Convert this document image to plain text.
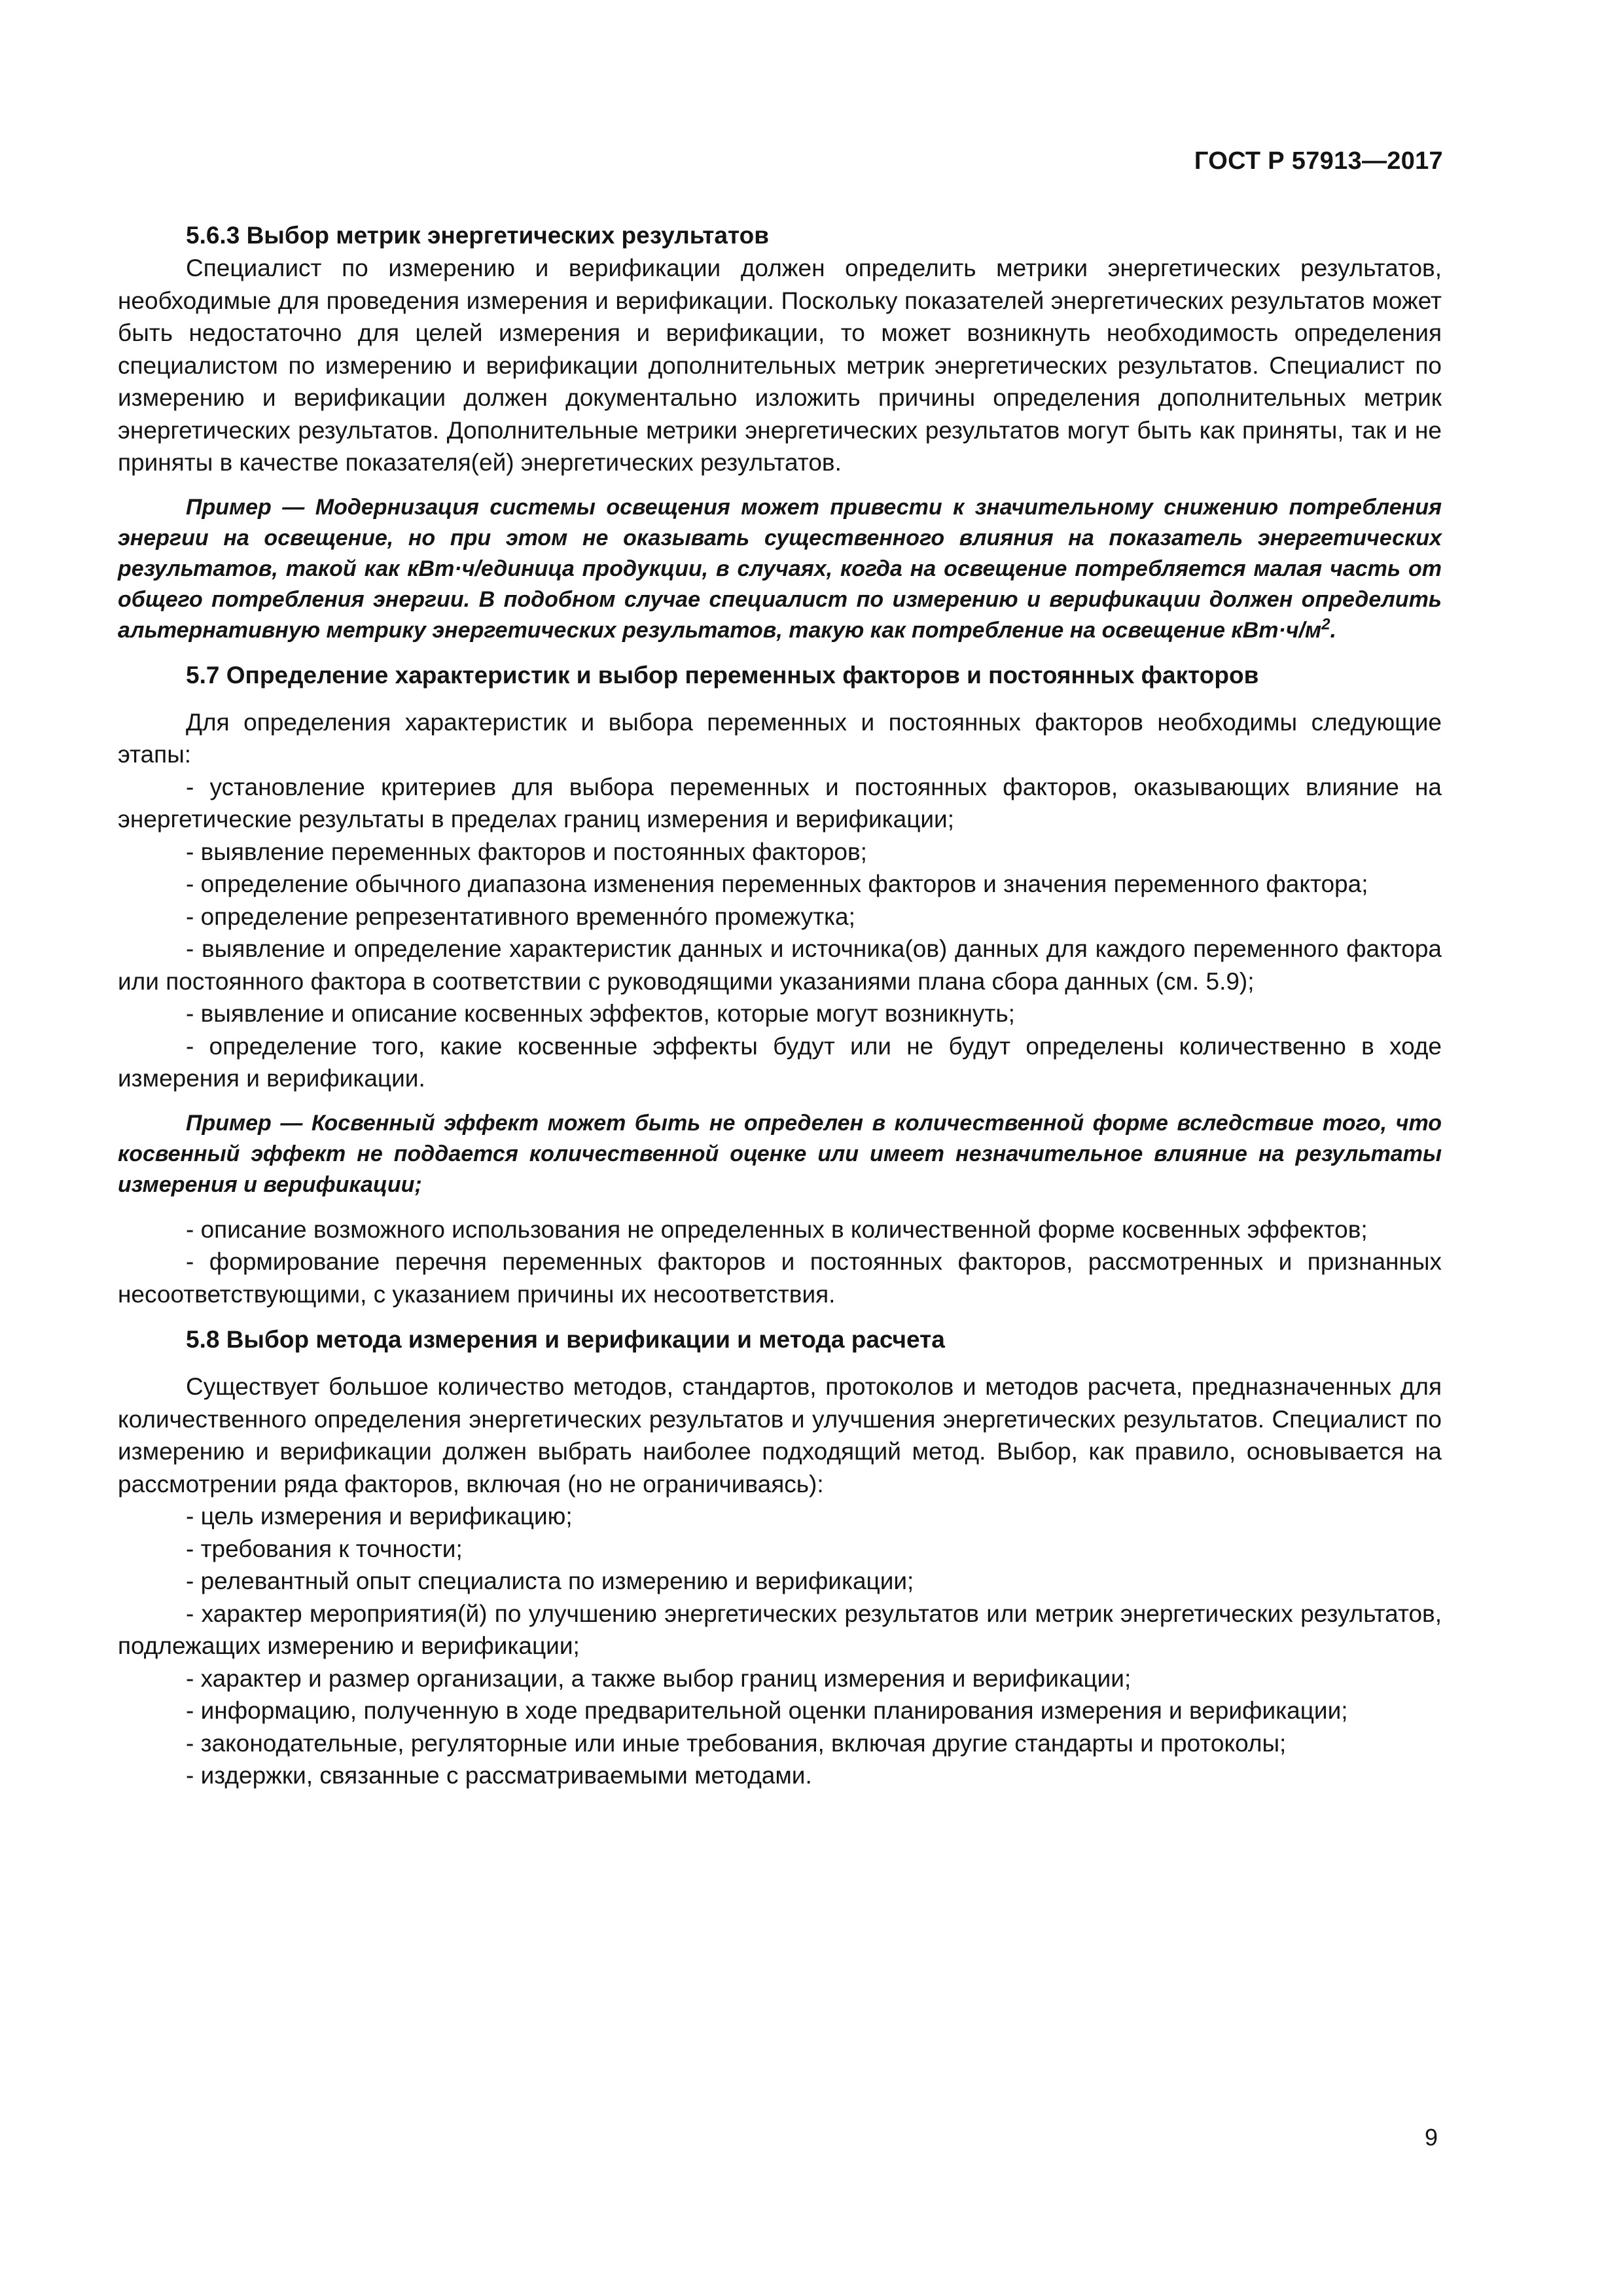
ГОСТ Р 57913—2017
5.6.3 Выбор метрик энергетических результатов

Специалист по измерению и верификации должен определить метрики энергетических результатов, необходимые для проведения измерения и верификации. Поскольку показателей энергетических результатов может быть недостаточно для целей измерения и верификации, то может возникнуть необходимость определения специалистом по измерению и верификации дополнительных метрик энергетических результатов. Специалист по измерению и верификации должен документально изложить причины определения дополнительных метрик энергетических результатов. Дополнительные метрики энергетических результатов могут быть как приняты, так и не приняты в качестве показателя(ей) энергетических результатов.

Пример — Модернизация системы освещения может привести к значительному снижению потребления энергии на освещение, но при этом не оказывать существенного влияния на показатель энергетических результатов, такой как кВт·ч/единица продукции, в случаях, когда на освещение потребляется малая часть от общего потребления энергии. В подобном случае специалист по измерению и верификации должен определить альтернативную метрику энергетических результатов, такую как потребление на освещение $кВт\cdot ч/м^2$.
5.7 Определение характеристик и выбор переменных факторов и постоянных факторов

Для определения характеристик и выбора переменных и постоянных факторов необходимы следующие этапы:

- установление критериев для выбора переменных и постоянных факторов, оказывающих влияние на энергетические результаты в пределах границ измерения и верификации;

- выявление переменных факторов и постоянных факторов;

- определение обычного диапазона изменения переменных факторов и значения переменного фактора;

- определение репрезентативного временно́го промежутка;

- выявление и определение характеристик данных и источника(ов) данных для каждого переменного фактора или постоянного фактора в соответствии с руководящими указаниями плана сбора данных (см. 5.9);

- выявление и описание косвенных эффектов, которые могут возникнуть;

- определение того, какие косвенные эффекты будут или не будут определены количественно в ходе измерения и верификации.

Пример — Косвенный эффект может быть не определен в количественной форме вследствие того, что косвенный эффект не поддается количественной оценке или имеет незначительное влияние на результаты измерения и верификации;

- описание возможного использования не определенных в количественной форме косвенных эффектов;

- формирование перечня переменных факторов и постоянных факторов, рассмотренных и признанных несоответствующими, с указанием причины их несоответствия.

5.8 Выбор метода измерения и верификации и метода расчета

Существует большое количество методов, стандартов, протоколов и методов расчета, предназначенных для количественного определения энергетических результатов и улучшения энергетических результатов. Специалист по измерению и верификации должен выбрать наиболее подходящий метод. Выбор, как правило, основывается на рассмотрении ряда факторов, включая (но не ограничиваясь):

- цель измерения и верификацию;

- требования к точности;

- релевантный опыт специалиста по измерению и верификации;

- характер мероприятия(й) по улучшению энергетических результатов или метрик энергетических результатов, подлежащих измерению и верификации;

- характер и размер организации, а также выбор границ измерения и верификации;

- информацию, полученную в ходе предварительной оценки планирования измерения и верификации;

- законодательные, регуляторные или иные требования, включая другие стандарты и протоколы;

- издержки, связанные с рассматриваемыми методами.

9
